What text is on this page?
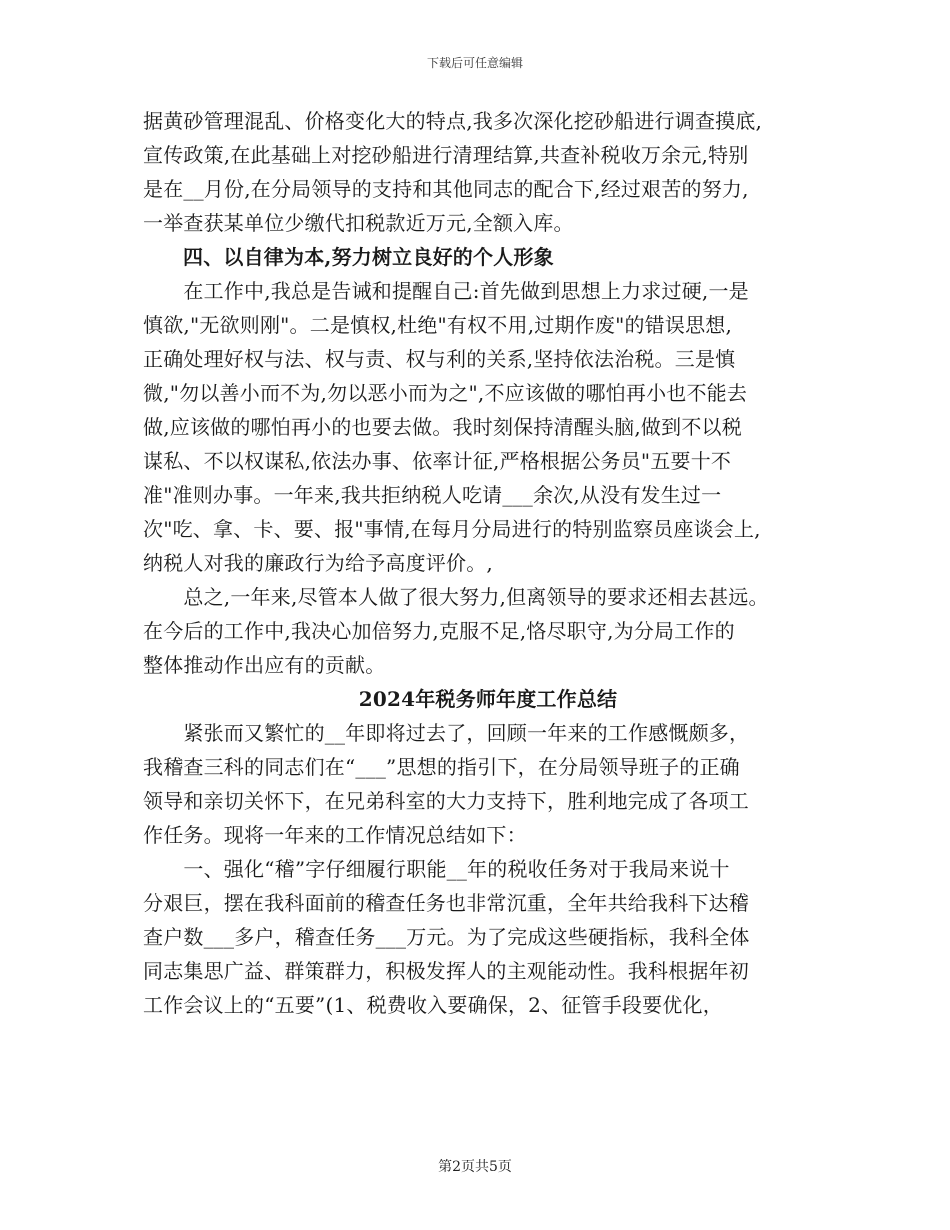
下载后可任意编辑
据黄砂管理混乱、价格变化大的特点,我多次深化挖砂船进行调查摸底,
宣传政策,在此基础上对挖砂船进行清理结算,共查补税收万余元,特别
是在__月份,在分局领导的支持和其他同志的配合下,经过艰苦的努力,
一举查获某单位少缴代扣税款近万元,全额入库。
四、以自律为本,努力树立良好的个人形象
　　在工作中,我总是告诫和提醒自己:首先做到思想上力求过硬,一是
慎欲,"无欲则刚"。二是慎权,杜绝"有权不用,过期作废"的错误思想,
正确处理好权与法、权与责、权与利的关系,坚持依法治税。三是慎
微,"勿以善小而不为,勿以恶小而为之",不应该做的哪怕再小也不能去
做,应该做的哪怕再小的也要去做。我时刻保持清醒头脑,做到不以税
谋私、不以权谋私,依法办事、依率计征,严格根据公务员"五要十不
准"准则办事。一年来,我共拒纳税人吃请___余次,从没有发生过一
次"吃、拿、卡、要、报"事情,在每月分局进行的特别监察员座谈会上,
纳税人对我的廉政行为给予高度评价。,
　　总之,一年来,尽管本人做了很大努力,但离领导的要求还相去甚远。
在今后的工作中,我决心加倍努力,克服不足,恪尽职守,为分局工作的
整体推动作出应有的贡献。
2024年税务师年度工作总结
　　紧张而又繁忙的__年即将过去了，回顾一年来的工作感慨颇多，
我稽查三科的同志们在“___”思想的指引下，在分局领导班子的正确
领导和亲切关怀下，在兄弟科室的大力支持下，胜利地完成了各项工
作任务。现将一年来的工作情况总结如下：
　　一、强化“稽”字仔细履行职能__年的税收任务对于我局来说十
分艰巨，摆在我科面前的稽查任务也非常沉重，全年共给我科下达稽
查户数___多户，稽查任务___万元。为了完成这些硬指标，我科全体
同志集思广益、群策群力，积极发挥人的主观能动性。我科根据年初
工作会议上的“五要”(1、税费收入要确保，2、征管手段要优化，
第2页共5页
